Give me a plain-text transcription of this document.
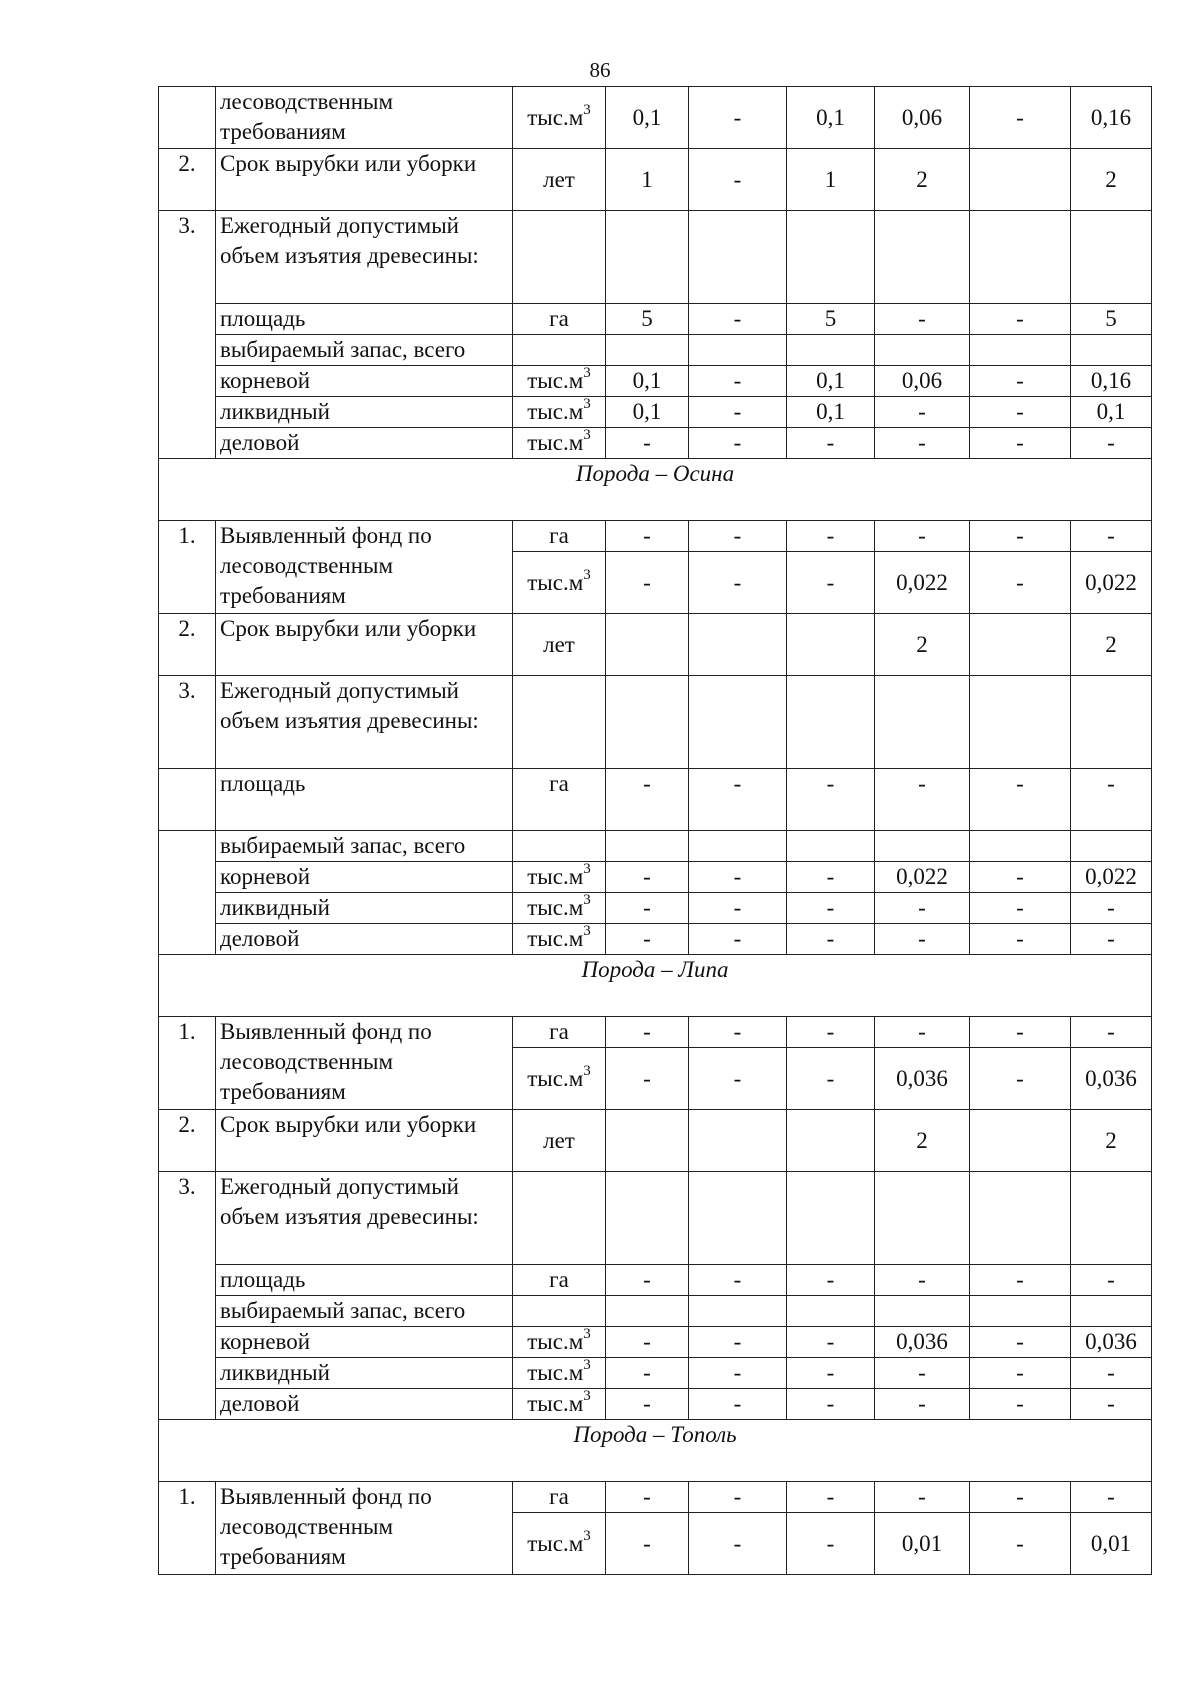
86
	лесоводственным требованиям	$тыс.м^3$	0,1	-	0,1	0,06	-	0,16
2.	Срок вырубки или уборки	лет	1	-	1	2		2
3.	Ежегодный допустимый объем изъятия древесины:							
	площадь	га	5	-	5	-	-	5
	выбираемый запас, всего							
	корневой	$тыс.м^3$	0,1	-	0,1	0,06	-	0,16
	ликвидный	$тыс.м^3$	0,1	-	0,1	-	-	0,1
	деловой	$тыс.м^3$	-	-	-	-	-	-
Порода – Осина								
1.	Выявленный фонд по лесоводственным требованиям	га	-	-	-	-	-	-
		$тыс.м^3$	-	-	-	0,022	-	0,022
2.	Срок вырубки или уборки	лет				2		2
3.	Ежегодный допустимый объем изъятия древесины:							
	площадь	га	-	-	-	-	-	-
	выбираемый запас, всего							
	корневой	$тыс.м^3$	-	-	-	0,022	-	0,022
	ликвидный	$тыс.м^3$	-	-	-	-	-	-
	деловой	$тыс.м^3$	-	-	-	-	-	-
Порода – Липа								
1.	Выявленный фонд по лесоводственным требованиям	га	-	-	-	-	-	-
		$тыс.м^3$	-	-	-	0,036	-	0,036
2.	Срок вырубки или уборки	лет				2		2
3.	Ежегодный допустимый объем изъятия древесины:							
	площадь	га	-	-	-	-	-	-
	выбираемый запас, всего							
	корневой	$тыс.м^3$	-	-	-	0,036	-	0,036
	ликвидный	$тыс.м^3$	-	-	-	-	-	-
	деловой	$тыс.м^3$	-	-	-	-	-	-
Порода – Тополь								
1.	Выявленный фонд по лесоводственным требованиям	га	-	-	-	-	-	-
		$тыс.м^3$	-	-	-	0,01	-	0,01
